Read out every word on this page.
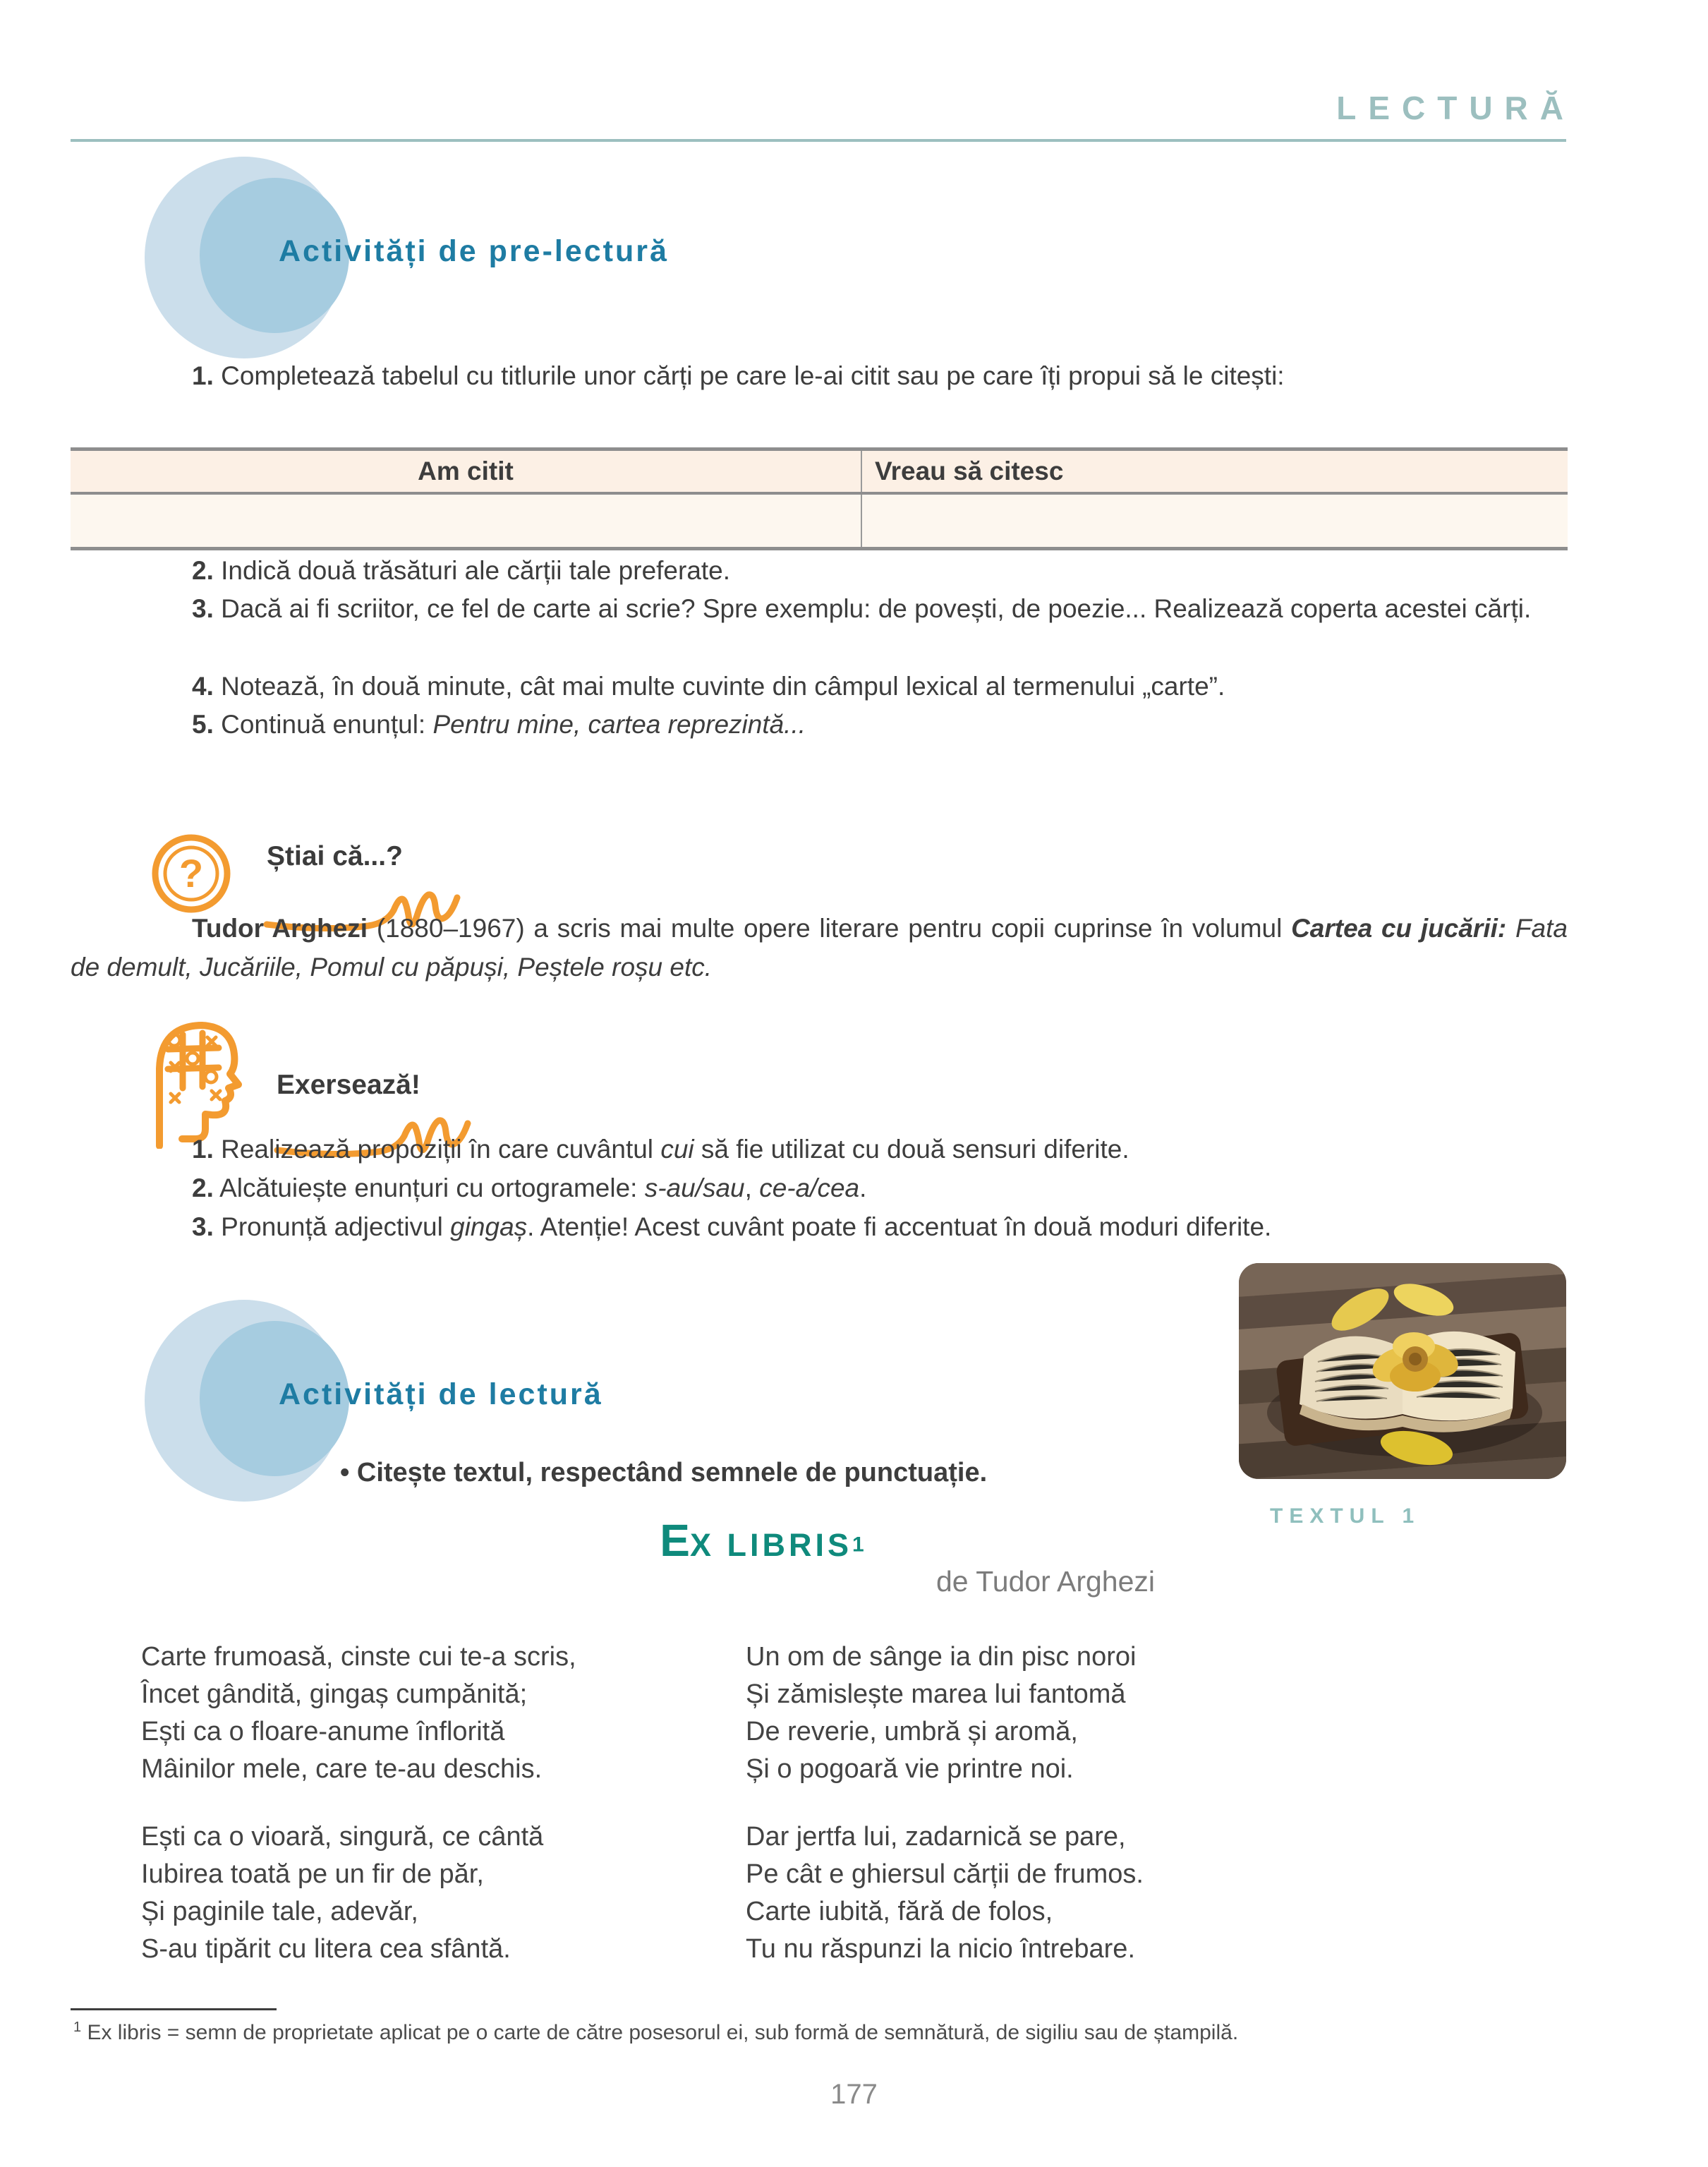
LECTURĂ
Activități de pre-lectură

1. Completează tabelul cu titlurile unor cărți pe care le-ai citit sau pe care îți propui să le citești:

Am citit	Vreau să citesc

2. Indică două trăsături ale cărții tale preferate.

3. Dacă ai fi scriitor, ce fel de carte ai scrie? Spre exemplu: de povești, de poezie... Realizează coperta acestei cărți.

4. Notează, în două minute, cât mai multe cuvinte din câmpul lexical al termenului „carte”.

5. Continuă enunțul: Pentru mine, cartea reprezintă...

? Știai că...?

Tudor Arghezi (1880–1967) a scris mai multe opere literare pentru copii cuprinse în volumul Cartea cu jucării: Fata de demult, Jucăriile, Pomul cu păpuși, Peștele roșu etc.

Exersează!

1. Realizează propoziții în care cuvântul cui să fie utilizat cu două sensuri diferite.

2. Alcătuiește enunțuri cu ortogramele: s-au/sau, ce-a/cea.

3. Pronunță adjectivul gingaș. Atenție! Acest cuvânt poate fi accentuat în două moduri diferite.

TEXTUL 1
Activități de lectură
• Citește textul, respectând semnele de punctuație.
EX LIBRIS1
de Tudor Arghezi
Carte frumoasă, cinste cui te-a scris,
Încet gândită, gingaș cumpănită;
Ești ca o floare-anume înflorită
Mâinilor mele, care te-au deschis.
Ești ca o vioară, singură, ce cântă
Iubirea toată pe un fir de păr,
Și paginile tale, adevăr,
S-au tipărit cu litera cea sfântă.
Un om de sânge ia din pisc noroi
Și zămislește marea lui fantomă
De reverie, umbră și aromă,
Și o pogoară vie printre noi.
Dar jertfa lui, zadarnică se pare,
Pe cât e ghiersul cărții de frumos.
Carte iubită, fără de folos,
Tu nu răspunzi la nicio întrebare.
$^1$ Ex libris = semn de proprietate aplicat pe o carte de către posesorul ei, sub formă de semnătură, de sigiliu sau de ștampilă.
177
